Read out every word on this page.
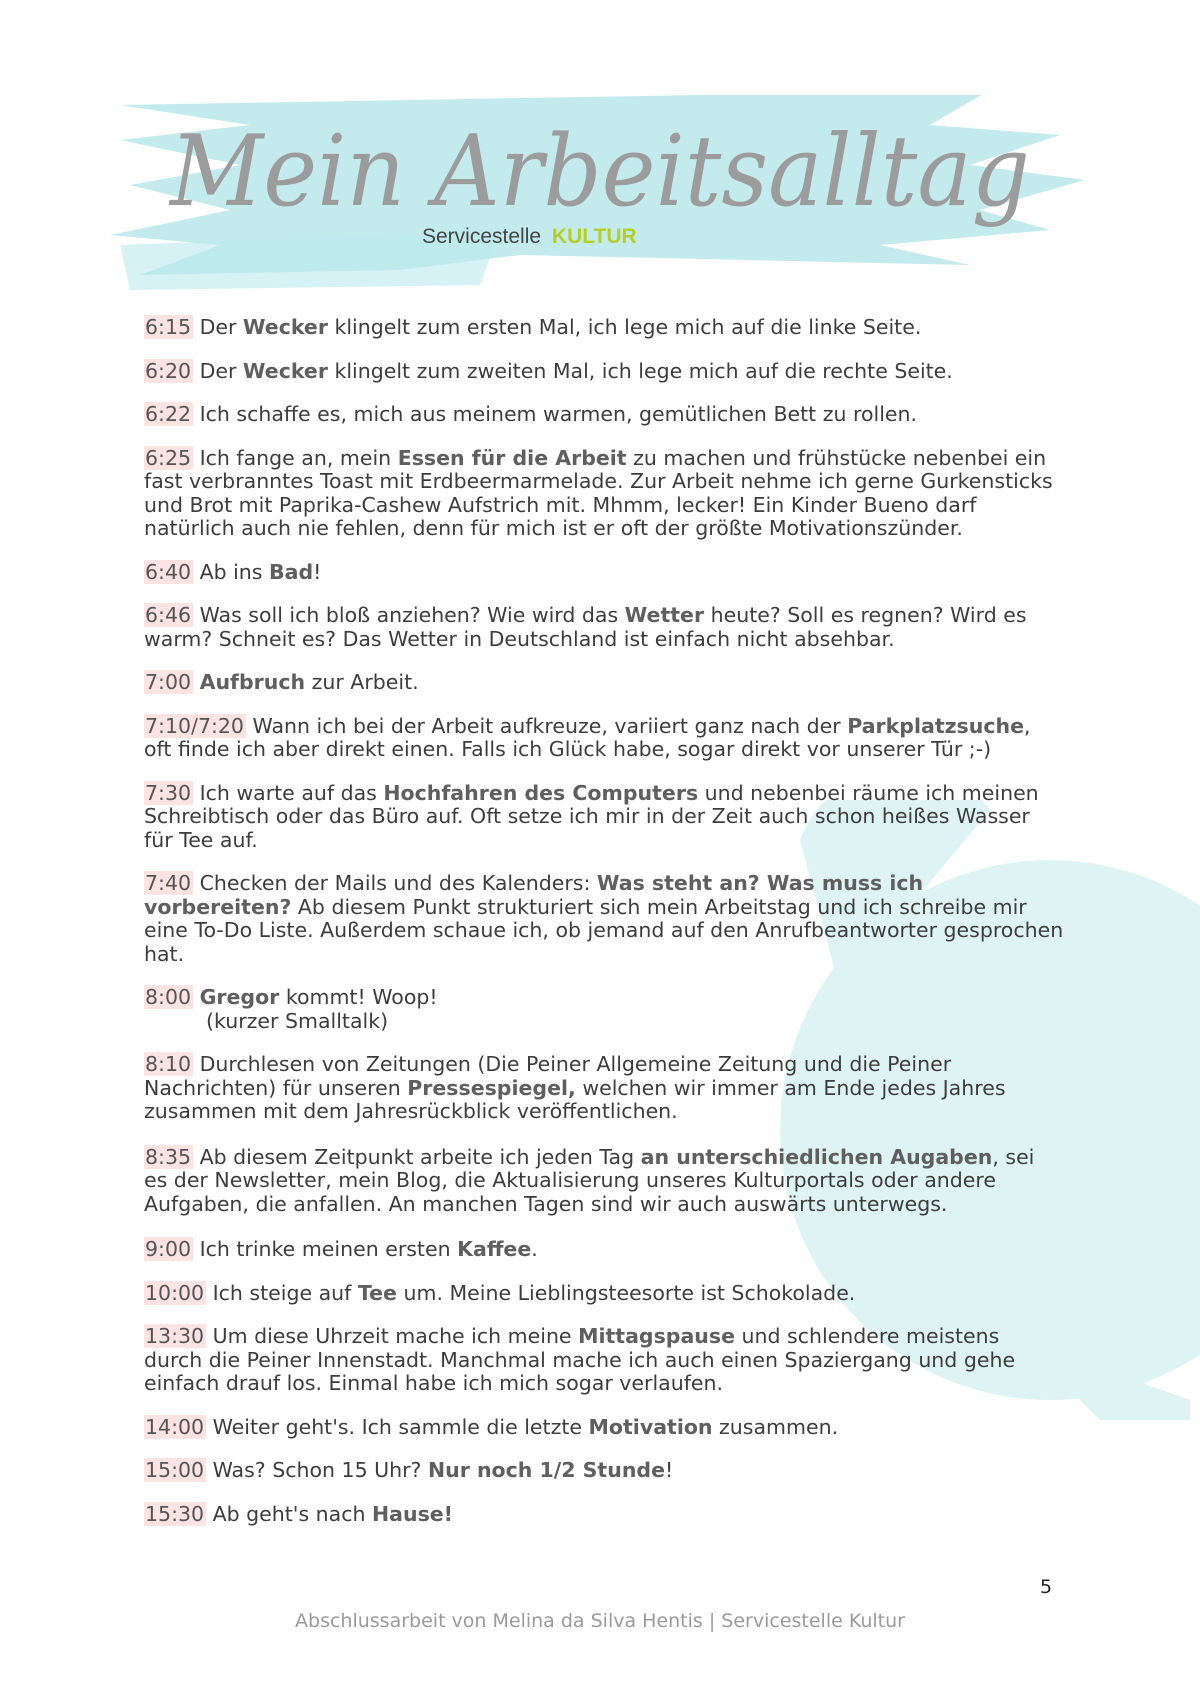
Mein Arbeitsalltag
Servicestelle KULTUR

6:15 Der Wecker klingelt zum ersten Mal, ich lege mich auf die linke Seite.

6:20 Der Wecker klingelt zum zweiten Mal, ich lege mich auf die rechte Seite.

6:22 Ich schaffe es, mich aus meinem warmen, gemütlichen Bett zu rollen.

6:25 Ich fange an, mein Essen für die Arbeit zu machen und frühstücke nebenbei ein fast verbranntes Toast mit Erdbeermarmelade. Zur Arbeit nehme ich gerne Gurkensticks und Brot mit Paprika-Cashew Aufstrich mit. Mhmm, lecker! Ein Kinder Bueno darf natürlich auch nie fehlen, denn für mich ist er oft der größte Motivationszünder.

6:40 Ab ins Bad!

6:46 Was soll ich bloß anziehen? Wie wird das Wetter heute? Soll es regnen? Wird es warm? Schneit es? Das Wetter in Deutschland ist einfach nicht absehbar.

7:00 Aufbruch zur Arbeit.

7:10/7:20 Wann ich bei der Arbeit aufkreuze, variiert ganz nach der Parkplatzsuche, oft finde ich aber direkt einen. Falls ich Glück habe, sogar direkt vor unserer Tür ;-)

7:30 Ich warte auf das Hochfahren des Computers und nebenbei räume ich meinen Schreibtisch oder das Büro auf. Oft setze ich mir in der Zeit auch schon heißes Wasser für Tee auf.

7:40 Checken der Mails und des Kalenders: Was steht an? Was muss ich vorbereiten? Ab diesem Punkt strukturiert sich mein Arbeitstag und ich schreibe mir eine To-Do Liste. Außerdem schaue ich, ob jemand auf den Anrufbeantworter gesprochen hat.

8:00 Gregor kommt! Woop!
(kurzer Smalltalk)

8:10 Durchlesen von Zeitungen (Die Peiner Allgemeine Zeitung und die Peiner Nachrichten) für unseren Pressespiegel, welchen wir immer am Ende jedes Jahres zusammen mit dem Jahresrückblick veröffentlichen.

8:35 Ab diesem Zeitpunkt arbeite ich jeden Tag an unterschiedlichen Augaben, sei es der Newsletter, mein Blog, die Aktualisierung unseres Kulturportals oder andere Aufgaben, die anfallen. An manchen Tagen sind wir auch auswärts unterwegs.

9:00 Ich trinke meinen ersten Kaffee.

10:00 Ich steige auf Tee um. Meine Lieblingsteesorte ist Schokolade.

13:30 Um diese Uhrzeit mache ich meine Mittagspause und schlendere meistens durch die Peiner Innenstadt. Manchmal mache ich auch einen Spaziergang und gehe einfach drauf los. Einmal habe ich mich sogar verlaufen.

14:00 Weiter geht's. Ich sammle die letzte Motivation zusammen.

15:00 Was? Schon 15 Uhr? Nur noch 1/2 Stunde!

15:30 Ab geht's nach Hause!

5
Abschlussarbeit von Melina da Silva Hentis | Servicestelle Kultur
